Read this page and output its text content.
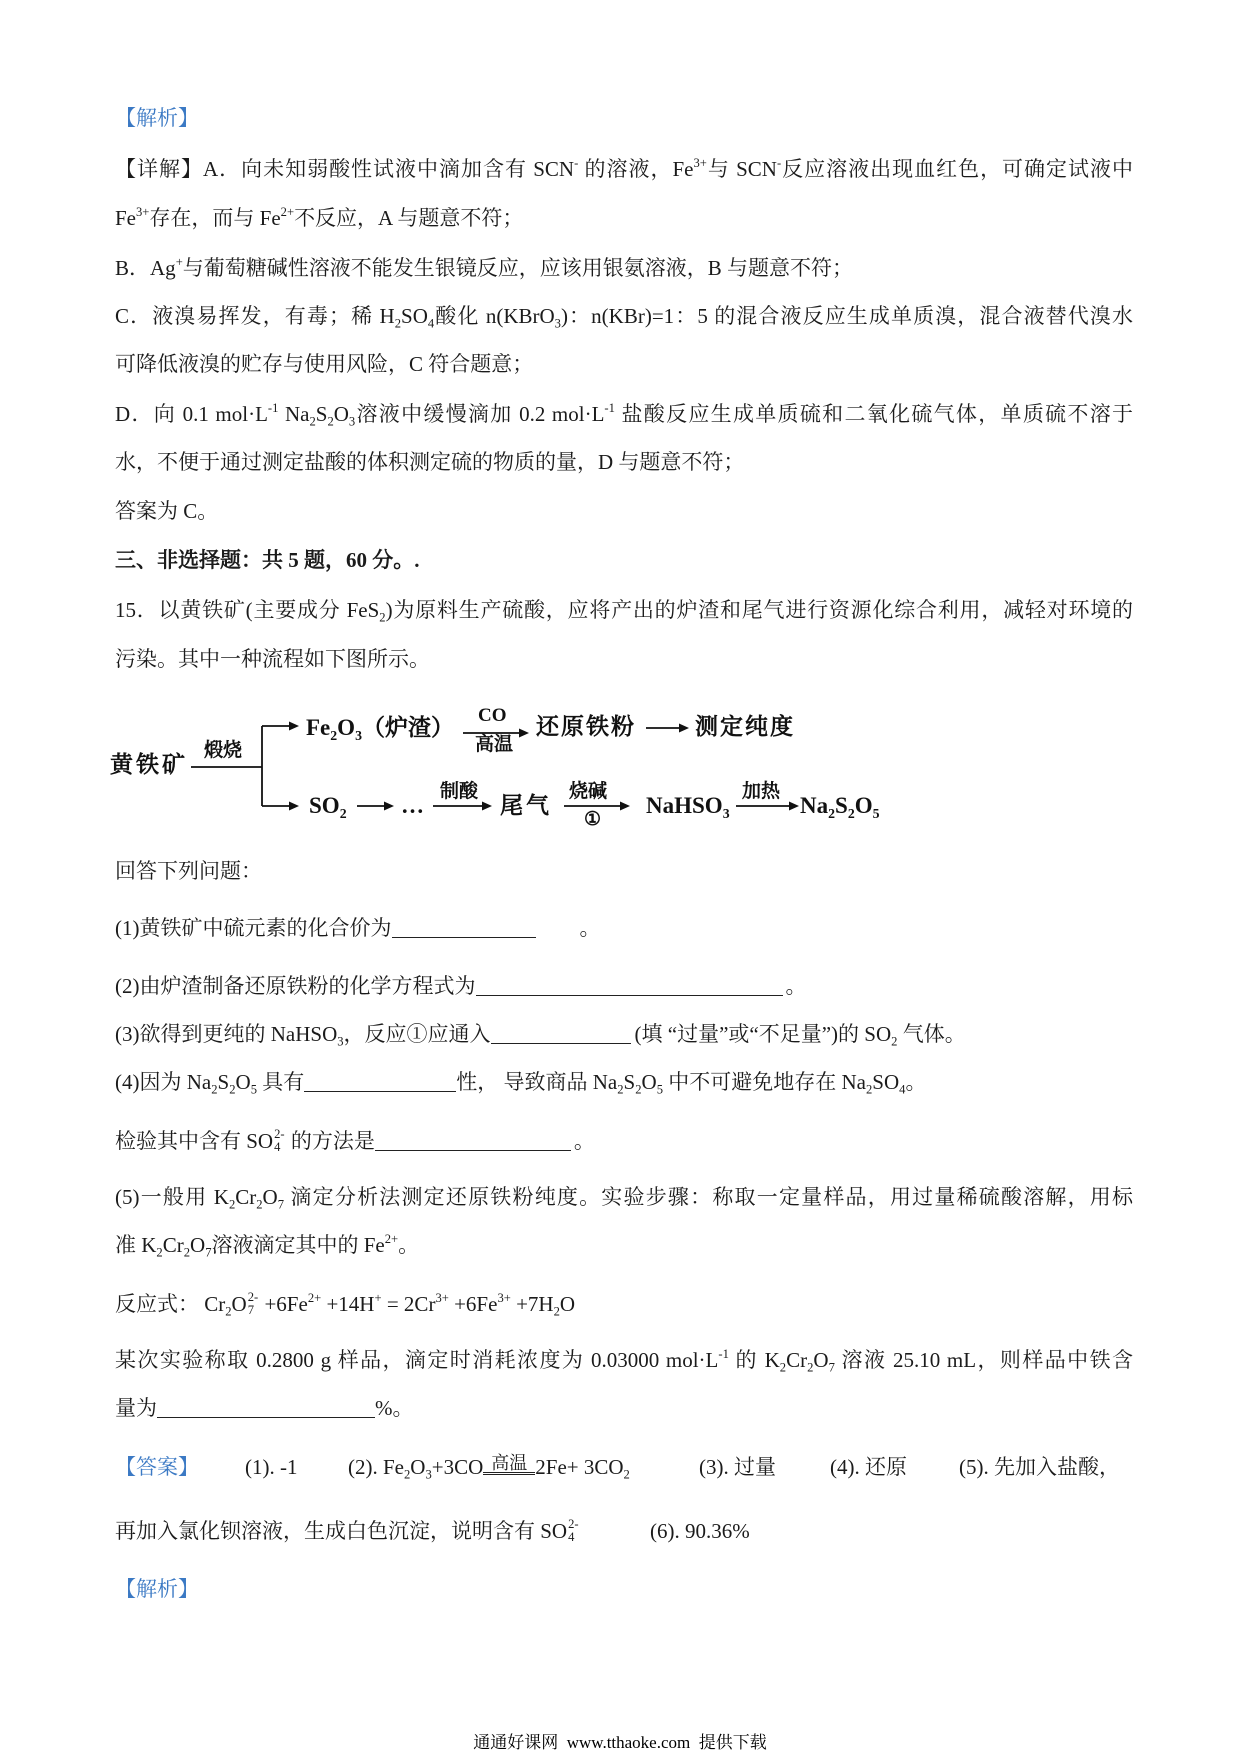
【解析】
【详解】A．向未知弱酸性试液中滴加含有 SCN- 的溶液，$Fe^{3+}$与 SCN-反应溶液出现血红色，可确定试液中
$Fe^{3+}$存在，而与 $Fe^{2+}$不反应，A 与题意不符；
B．Ag+与葡萄糖碱性溶液不能发生银镜反应，应该用银氨溶液，B 与题意不符；
C．液溴易挥发，有毒；稀 $H_2SO_4$酸化 n(KBrO$_3$)：n(KBr)=1：5 的混合液反应生成单质溴，混合液替代溴水
可降低液溴的贮存与使用风险，C 符合题意；
D．向 0.1 $mol\cdot L^{-1}$ $Na_2S_2O_3$溶液中缓慢滴加 0.2 $mol\cdot L^{-1}$ 盐酸反应生成单质硫和二氧化硫气体，单质硫不溶于
水，不便于通过测定盐酸的体积测定硫的物质的量，D 与题意不符；
答案为 C。
三、非选择题：共 5 题，60 分。.
15．以黄铁矿(主要成分 FeS$_2$)为原料生产硫酸，应将产出的炉渣和尾气进行资源化综合利用，减轻对环境的
污染。其中一种流程如下图所示。
黄铁矿
煅烧
$Fe_2O_3$（炉渣） CO
高温
还原铁粉	测定纯度
$SO_2$ …
制酸
尾气
烧碱
①
NaHSO$_3$
加热
$Na_2S_2O_5$
回答下列问题：
(1)黄铁矿中硫元素的化合价为	。
(2)由炉渣制备还原铁粉的化学方程式为	。
(3)欲得到更纯的 NaHSO$_3$，反应①应通入	(填 “过量”或“不足量”)的 $SO_2$ 气体。
(4)因为 $Na_2S_2O_5$ 具有	性， 导致商品 $Na_2S_2O_5$ 中不可避免地存在 $Na_2SO_4$。
检验其中含有 SO 2-
4 的方法是	。
(5)一般用 $K_2Cr_2O_7$ 滴定分析法测定还原铁粉纯度。实验步骤：称取一定量样品，用过量稀硫酸溶解，用标
准 $K_2Cr_2O_7$溶液滴定其中的 $Fe^{2+}$。
反应式： $Cr_2O$ 2-
$7 +6Fe^{2+} +14H^+ = 2Cr^{3+} +6Fe^{3+} +7H_2O$
某次实验称取 0.2800 g 样品，滴定时消耗浓度为 0.03000 $mol\cdot L^{-1}$ 的 $K_2Cr_2O_7$ 溶液 25.10 mL，则样品中铁含
量为	%。
【答案】 (1). -1 (2). $Fe_2O_3+3CO$ 高温 $2Fe+ 3CO_2$	(3). 过量	(4). 还原 (5). 先加入盐酸，
再加入氯化钡溶液，生成白色沉淀，说明含有 SO 2-
4	(6). 90.36%
【解析】
通通好课网  www.tthaoke.com  提供下载
